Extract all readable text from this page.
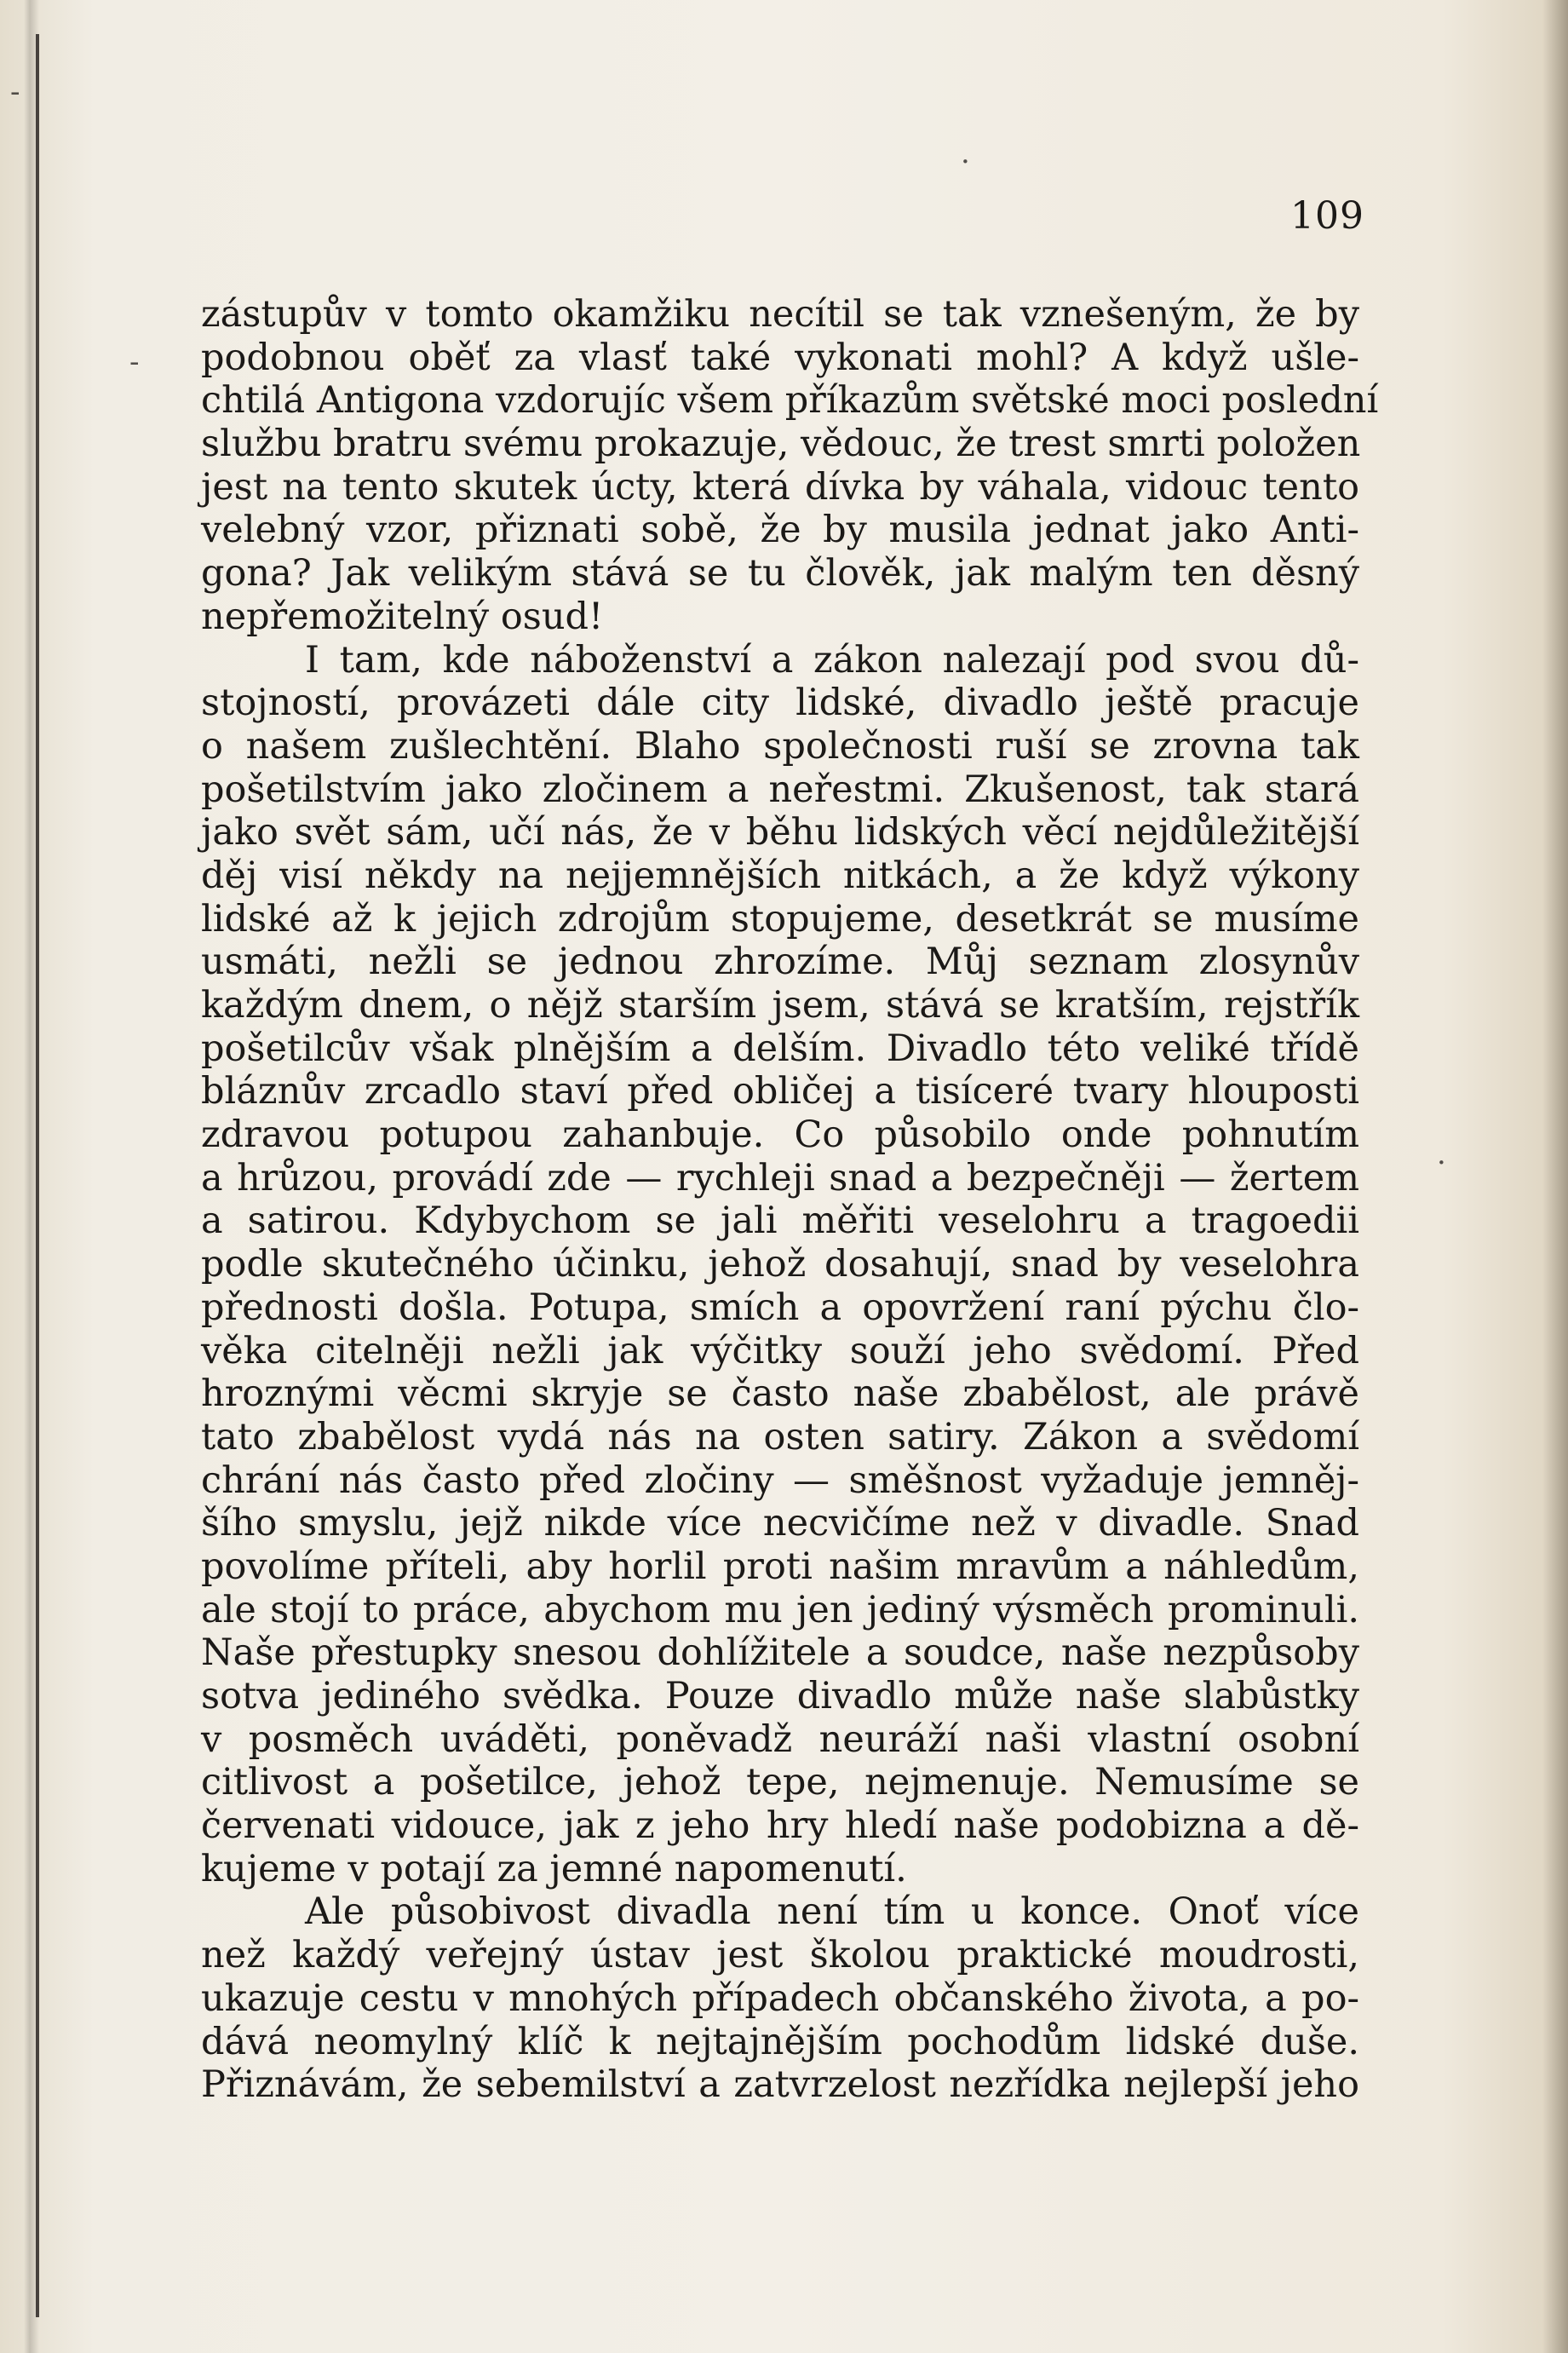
-
-
·
·
109
zástupův v tomto okamžiku necítil se tak vznešeným, že by
podobnou oběť za vlasť také vykonati mohl? A když ušle-
chtilá Antigona vzdorujíc všem příkazům světské moci poslední
službu bratru svému prokazuje, vědouc, že trest smrti položen
jest na tento skutek úcty, která dívka by váhala, vidouc tento
velebný vzor, přiznati sobě, že by musila jednat jako Anti-
gona? Jak velikým stává se tu člověk, jak malým ten děsný
nepřemožitelný osud!
I tam, kde náboženství a zákon nalezají pod svou dů-
stojností, provázeti dále city lidské, divadlo ještě pracuje
o našem zušlechtění. Blaho společnosti ruší se zrovna tak
pošetilstvím jako zločinem a neřestmi. Zkušenost, tak stará
jako svět sám, učí nás, že v běhu lidských věcí nejdůležitější
děj visí někdy na nejjemnějších nitkách, a že když výkony
lidské až k jejich zdrojům stopujeme, desetkrát se musíme
usmáti, nežli se jednou zhrozíme. Můj seznam zlosynův
každým dnem, o nějž starším jsem, stává se kratším, rejstřík
pošetilcův však plnějším a delším. Divadlo této veliké třídě
bláznův zrcadlo staví před obličej a tisíceré tvary hlouposti
zdravou potupou zahanbuje. Co působilo onde pohnutím
a hrůzou, provádí zde — rychleji snad a bezpečněji — žertem
a satirou. Kdybychom se jali měřiti veselohru a tragoedii
podle skutečného účinku, jehož dosahují, snad by veselohra
přednosti došla. Potupa, smích a opovržení raní pýchu člo-
věka citelněji nežli jak výčitky souží jeho svědomí. Před
hroznými věcmi skryje se často naše zbabělost, ale právě
tato zbabělost vydá nás na osten satiry. Zákon a svědomí
chrání nás často před zločiny — směšnost vyžaduje jemněj-
šího smyslu, jejž nikde více necvičíme než v divadle. Snad
povolíme příteli, aby horlil proti našim mravům a náhledům,
ale stojí to práce, abychom mu jen jediný výsměch prominuli.
Naše přestupky snesou dohlížitele a soudce, naše nezpůsoby
sotva jediného svědka. Pouze divadlo může naše slabůstky
v posměch uváděti, poněvadž neuráží naši vlastní osobní
citlivost a pošetilce, jehož tepe, nejmenuje. Nemusíme se
červenati vidouce, jak z jeho hry hledí naše podobizna a dě-
kujeme v potají za jemné napomenutí.
Ale působivost divadla není tím u konce. Onoť více
než každý veřejný ústav jest školou praktické moudrosti,
ukazuje cestu v mnohých případech občanského života, a po-
dává neomylný klíč k nejtajnějším pochodům lidské duše.
Přiznávám, že sebemilství a zatvrzelost nezřídka nejlepší jeho
